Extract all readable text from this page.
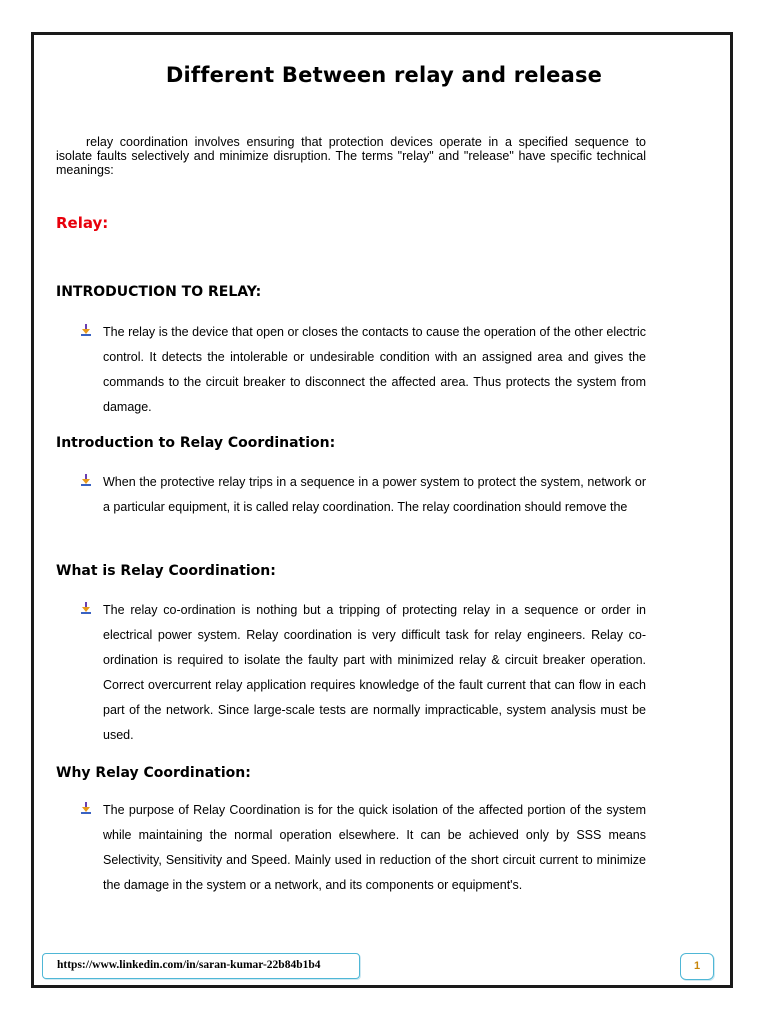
Different Between relay and release
relay coordination involves ensuring that protection devices operate in a specified sequence to isolate faults selectively and minimize disruption. The terms "relay" and "release" have specific technical meanings:
Relay:
INTRODUCTION TO RELAY:
The relay is the device that open or closes the contacts to cause the operation of the other electric control. It detects the intolerable or undesirable condition with an assigned area and gives the commands to the circuit breaker to disconnect the affected area. Thus protects the system from damage.
Introduction to Relay Coordination:
When the protective relay trips in a sequence in a power system to protect the system, network or a particular equipment, it is called relay coordination. The relay coordination should remove the
What is Relay Coordination:
The relay co-ordination is nothing but a tripping of protecting relay in a sequence or order in electrical power system. Relay coordination is very difficult task for relay engineers. Relay co-ordination is required to isolate the faulty part with minimized relay & circuit breaker operation. Correct overcurrent relay application requires knowledge of the fault current that can flow in each part of the network. Since large-scale tests are normally impracticable, system analysis must be used.
Why Relay Coordination:
The purpose of Relay Coordination is for the quick isolation of the affected portion of the system while maintaining the normal operation elsewhere. It can be achieved only by SSS means Selectivity, Sensitivity and Speed. Mainly used in reduction of the short circuit current to minimize the damage in the system or a network, and its components or equipment's.
https://www.linkedin.com/in/saran-kumar-22b84b1b4	1
